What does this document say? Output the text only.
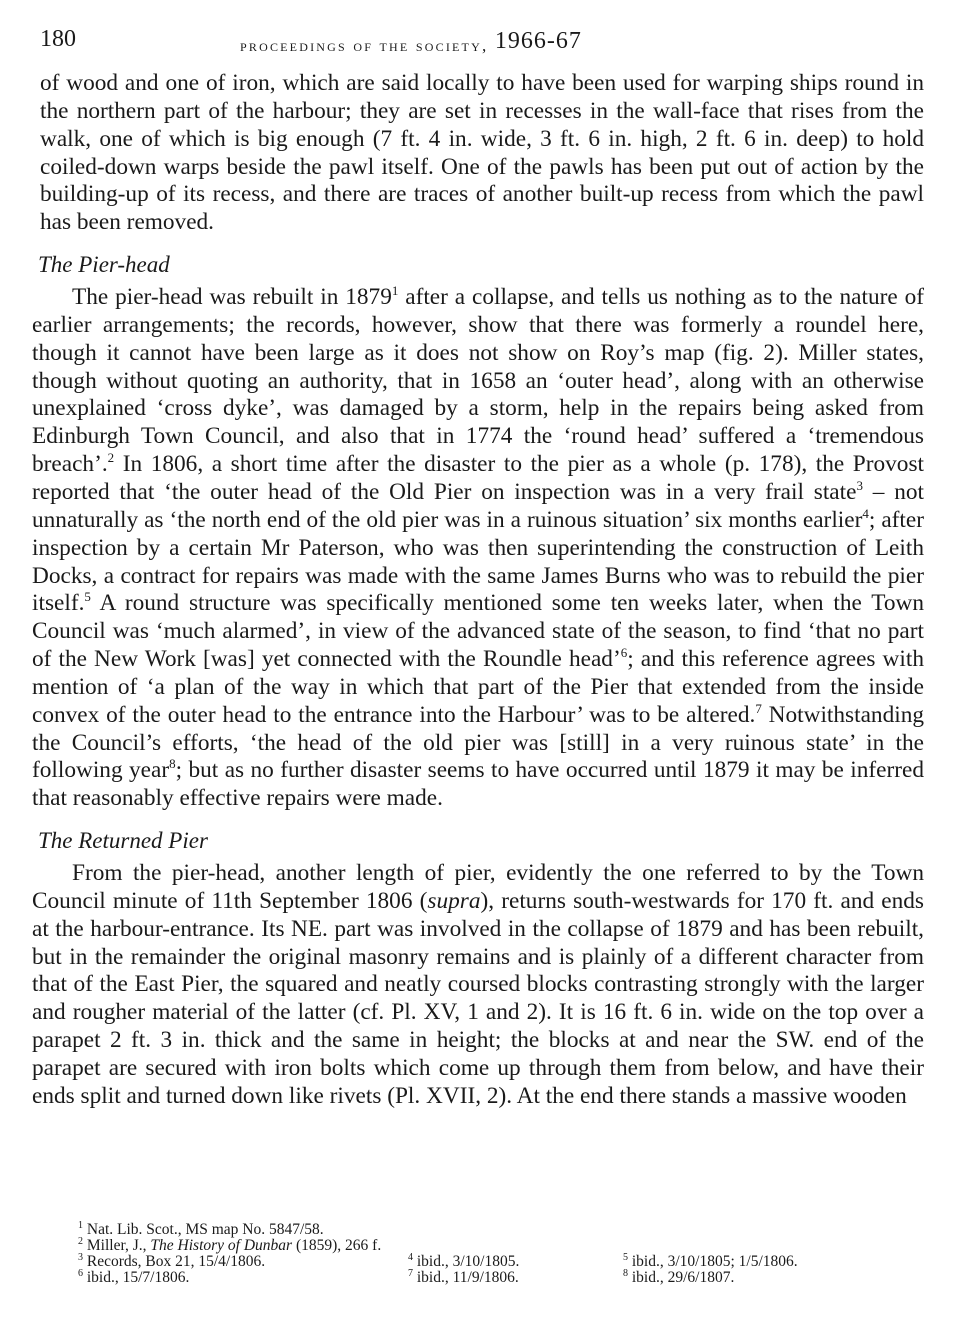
180	proceedings of the society, 1966-67

of wood and one of iron, which are said locally to have been used for warping ships round in the northern part of the harbour; they are set in recesses in the wall-face that rises from the walk, one of which is big enough (7 ft. 4 in. wide, 3 ft. 6 in. high, 2 ft. 6 in. deep) to hold coiled-down warps beside the pawl itself. One of the pawls has been put out of action by the building-up of its recess, and there are traces of another built-up recess from which the pawl has been removed.

The Pier-head

The pier-head was rebuilt in 1879$^1$ after a collapse, and tells us nothing as to the nature of earlier arrangements; the records, however, show that there was formerly a roundel here, though it cannot have been large as it does not show on Roy’s map (fig. 2). Miller states, though without quoting an authority, that in 1658 an ‘outer head’, along with an otherwise unexplained ‘cross dyke’, was damaged by a storm, help in the repairs being asked from Edinburgh Town Council, and also that in 1774 the ‘round head’ suffered a ‘tremendous breach’.$^2$ In 1806, a short time after the disaster to the pier as a whole (p. 178), the Provost reported that ‘the outer head of the Old Pier on inspection was in a very frail state$^3$ – not unnaturally as ‘the north end of the old pier was in a ruinous situation’ six months earlier$^4$; after inspection by a certain Mr Paterson, who was then superintending the construction of Leith Docks, a contract for repairs was made with the same James Burns who was to rebuild the pier itself.$^5$ A round structure was specifically mentioned some ten weeks later, when the Town Council was ‘much alarmed’, in view of the advanced state of the season, to find ‘that no part of the New Work [was] yet connected with the Roundle head’$^6$; and this reference agrees with mention of ‘a plan of the way in which that part of the Pier that extended from the inside convex of the outer head to the entrance into the Harbour’ was to be altered.$^7$ Notwithstanding the Council’s efforts, ‘the head of the old pier was [still] in a very ruinous state’ in the following year$^8$; but as no further disaster seems to have occurred until 1879 it may be inferred that reasonably effective repairs were made.

The Returned Pier

From the pier-head, another length of pier, evidently the one referred to by the Town Council minute of 11th September 1806 (supra), returns south-westwards for 170 ft. and ends at the harbour-entrance. Its NE. part was involved in the collapse of 1879 and has been rebuilt, but in the remainder the original masonry remains and is plainly of a different character from that of the East Pier, the squared and neatly coursed blocks contrasting strongly with the larger and rougher material of the latter (cf. Pl. XV, 1 and 2). It is 16 ft. 6 in. wide on the top over a parapet 2 ft. 3 in. thick and the same in height; the blocks at and near the SW. end of the parapet are secured with iron bolts which come up through them from below, and have their ends split and turned down like rivets (Pl. XVII, 2). At the end there stands a massive wooden

$^1$ Nat. Lib. Scot., MS map No. 5847/58.
$^2$ Miller, J., The History of Dunbar (1859), 266 f.
$^3$ Records, Box 21, 15/4/1806.	$^4$ ibid., 3/10/1805.	$^5$ ibid., 3/10/1805; 1/5/1806.
$^6$ ibid., 15/7/1806.	$^7$ ibid., 11/9/1806.	$^8$ ibid., 29/6/1807.
